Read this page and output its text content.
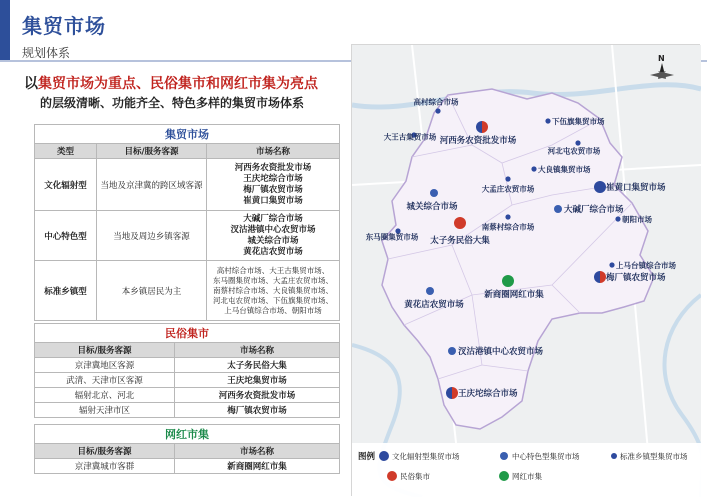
集贸市场
规划体系
以集贸市场为重点、民俗集市和网红市集为亮点
的层级清晰、功能齐全、特色多样的集贸市场体系
集贸市场		
类型	目标/服务客源	市场名称
文化辐射型	当地及京津冀的跨区域客源	河西务农资批发市场
王庆坨综合市场
梅厂镇农贸市场
崔黄口集贸市场

中心特色型	当地及周边乡镇客源	大碱厂综合市场
汊沽港镇中心农贸市场
城关综合市场
黄花店农贸市场

标准乡镇型	本乡镇居民为主	高村综合市场、大王古集贸市场、
东马圈集贸市场、大孟庄农贸市场、
南蔡村综合市场、大良镇集贸市场、
河北屯农贸市场、下伍旗集贸市场、
上马台镇综合市场、朝阳市场
民俗集市	
目标/服务客源	市场名称
京津冀地区客源	太子务民俗大集
武清、天津市区客源	王庆坨集贸市场
辐射北京、河北	河西务农资批发市场
辐射天津市区	梅厂镇农贸市场
网红市集	
目标/服务客源	市场名称
京津冀城市客群	新商圈网红市集
高村综合市场
下伍旗集贸市场
大王古集贸市场 河西务农资批发市场
河北屯农贸市场
大良镇集贸市场
大孟庄农贸市场	崔黄口集贸市场
城关综合市场	大碱厂综合市场
南蔡村综合市场
东马圈集贸市场 太子务民俗大集
朝阳市场
上马台镇综合市场
新商圈网红市集
梅厂镇农贸市场
黄花店农贸市场
汊沽港镇中心农贸市场
王庆坨综合市场
N
图例 文化辐射型集贸市场	中心特色型集贸市场	标准乡镇型集贸市场
民俗集市	网红市集
